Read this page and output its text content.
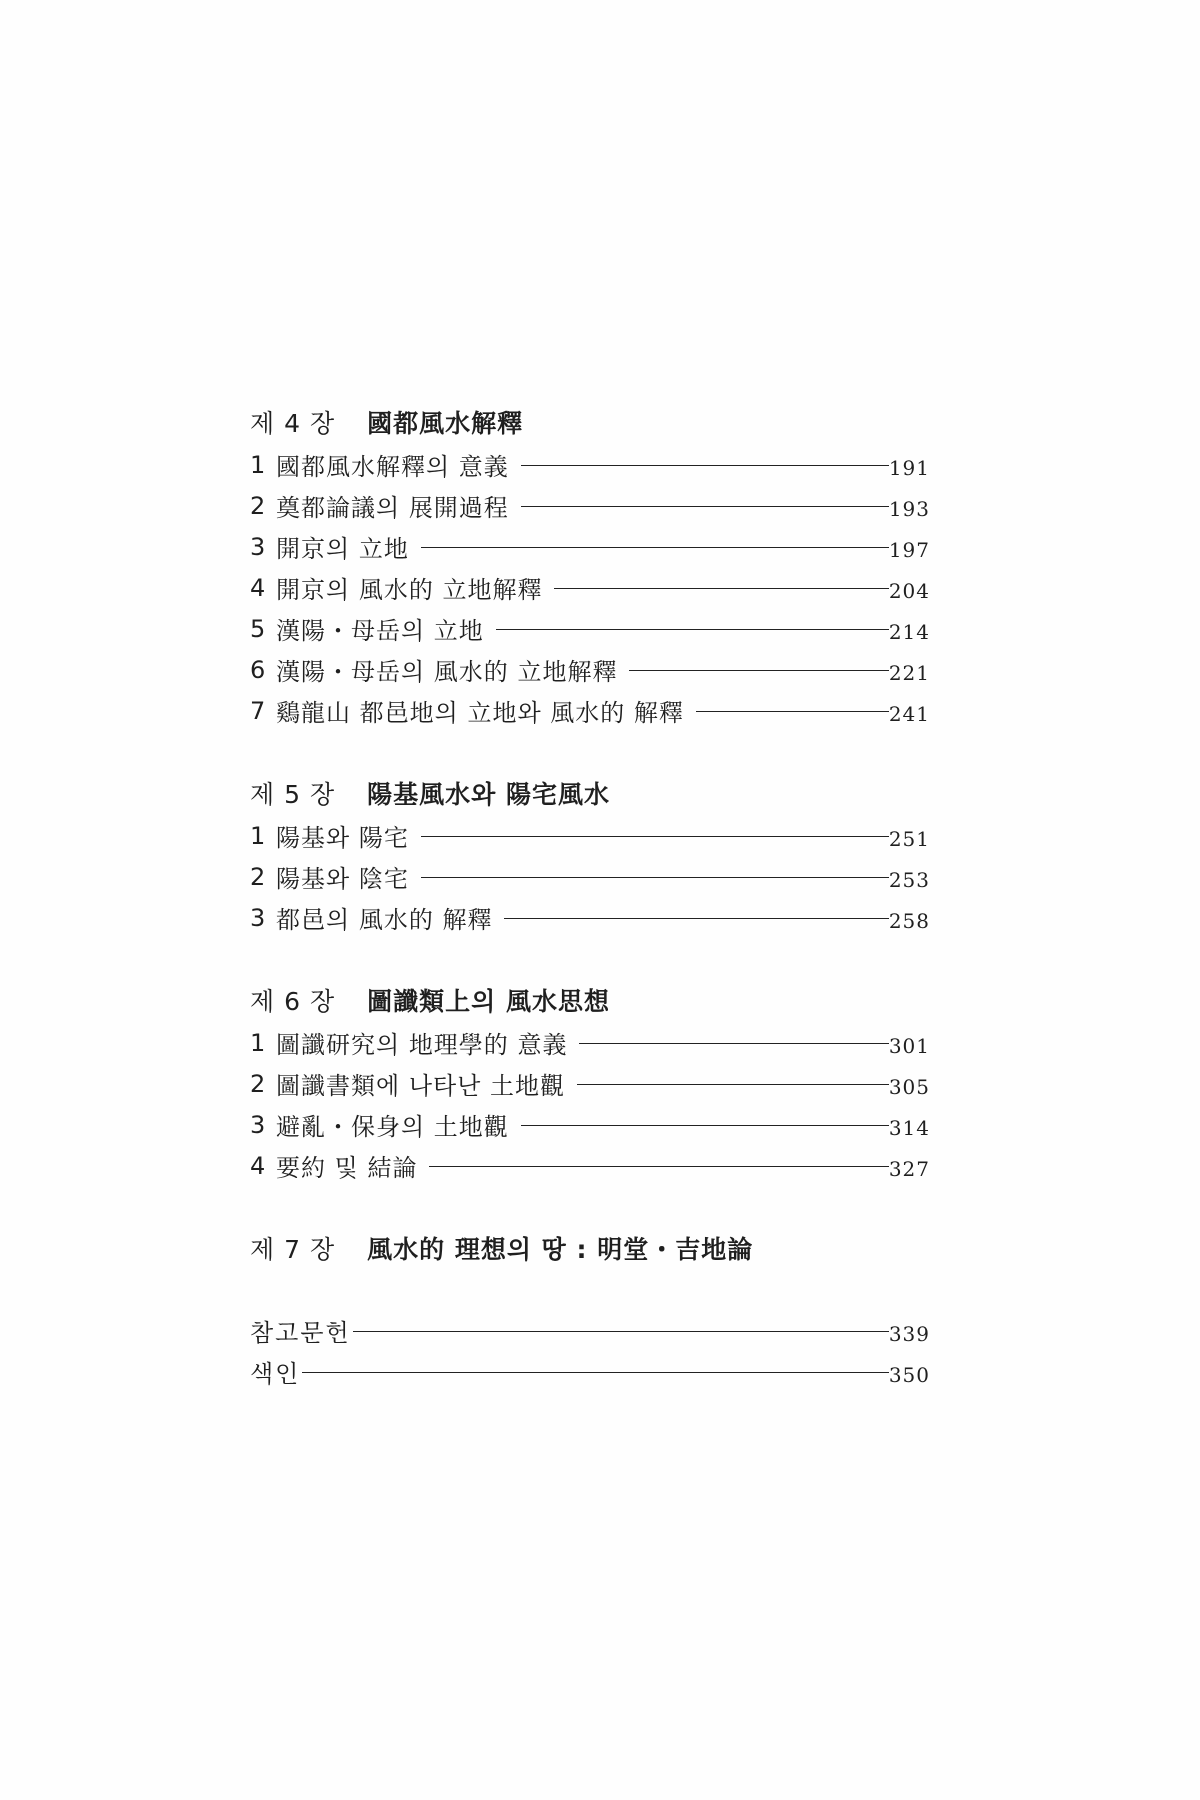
제 4 장 國都風水解釋
1 國都風水解釋의 意義	191
2 奠都論議의 展開過程	193
3 開京의 立地	197
4 開京의 風水的 立地解釋	204
5 漢陽・母岳의 立地	214
6 漢陽・母岳의 風水的 立地解釋	221
7 鷄龍山 都邑地의 立地와 風水的 解釋	241
제 5 장 陽基風水와 陽宅風水
1 陽基와 陽宅	251
2 陽基와 陰宅	253
3 都邑의 風水的 解釋	258
제 6 장 圖讖類上의 風水思想
1 圖讖研究의 地理學的 意義	301
2 圖讖書類에 나타난 土地觀	305
3 避亂・保身의 土地觀	314
4 要約 및 結論	327
제 7 장 風水的 理想의 땅 : 明堂・吉地論
참고문헌	339
색인	350
